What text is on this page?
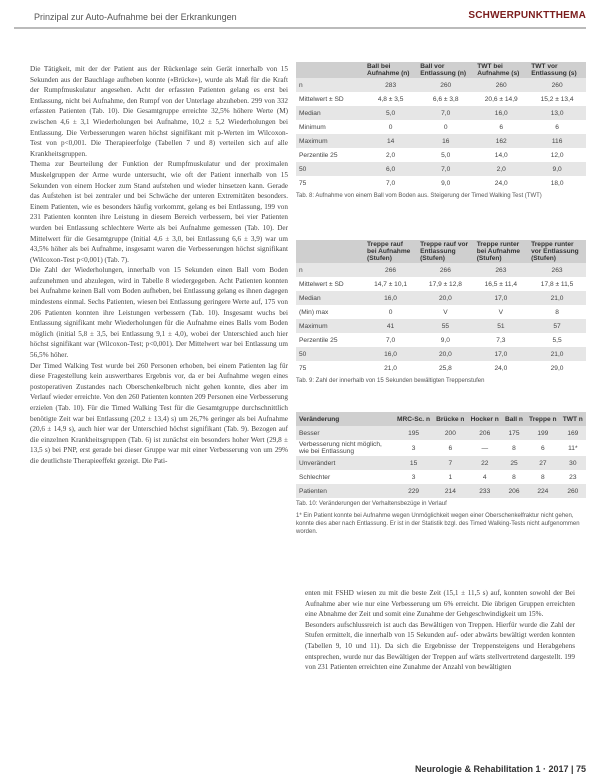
Prinzipal zur Auto-Aufnahme bei der Erkrankungen	SCHWERPUNKTTHEMA

Die Tätigkeit, mit der der Patient aus der Rückenlage sein Gerät innerhalb von 15 Sekunden aus der Bauchlage aufheben konnte («Brücke»), wurde als Maß für die Kraft der Rumpfmuskulatur angesehen. Acht der erfassten Patienten gelang es erst bei Entlassung, nicht bei Aufnahme, den Rumpf von der Unterlage abzuheben. 299 von 332 erfassten Patienten (Tab. 10). Die Gesamtgruppe erreichte 32,5% höhere Werte (M) zwischen 4,6 ± 3,1 Wiederholungen bei Aufnahme, 10,2 ± 5,2 Wiederholungen bei Entlassung. Die Verbesserungen waren höchst signifikant mit p-Werten im Wilcoxon-Test von p<0,001. Die Therapieerfolge (Tabellen 7 und 8) verteilen sich auf alle Krankheitsgruppen.

Thema zur Beurteilung der Funktion der Rumpfmuskulatur und der proximalen Muskelgruppen der Arme wurde untersucht, wie oft der Patient innerhalb von 15 Sekunden von einem Hocker zum Stand aufstehen und wieder hinsetzen kann. Gerade das Aufstehen ist bei zentraler und bei Schwäche der unteren Extremitäten besonders. Einem Patienten, wie es besonders häufig vorkommt, gelang es bei Entlassung, 199 von 231 Patienten konnten ihre Leistung in diesem Bereich verbessern, bei vier Patienten wurden bei Entlassung schlechtere Werte als bei Aufnahme gemessen (Tab. 10). Der Mittelwert für die Gesamtgruppe (Initial 4,6 ± 3,0, bei Entlassung 6,6 ± 3,9) war um 43,5% höher als bei Aufnahme, insgesamt waren die Verbesserungen höchst signifikant (Wilcoxon-Test p<0,001) (Tab. 7).

Die Zahl der Wiederholungen, innerhalb von 15 Sekunden einen Ball vom Boden aufzunehmen und abzulegen, wird in Tabelle 8 wiedergegeben. Acht Patienten konnten bei Aufnahme keinen Ball vom Boden aufheben, bei Entlassung gelang es ihnen dagegen mindestens einmal. Sechs Patienten, wiesen bei Entlassung geringere Werte auf, 175 von 206 Patienten konnten ihre Leistungen verbessern (Tab. 10). Insgesamt wuchs bei Entlassung signifikant mehr Wiederholungen für die Aufnahme eines Balls vom Boden möglich (initial 5,8 ± 3,5, bei Entlassung 9,1 ± 4,0), wobei der Unterschied auch hier höchst signifikant war (Wilcoxon-Test; p<0,001). Der Mittelwert war bei Entlassung um 56,5% höher.

Der Timed Walking Test wurde bei 260 Personen erhoben, bei einem Patienten lag für diese Fragestellung kein auswertbares Ergebnis vor, da er bei Aufnahme wegen eines postoperativen Zustandes nach Oberschenkelbruch nicht gehen konnte, dies aber im Verlauf wieder erreichte. Von den 260 Patienten konnten 209 Personen eine Verbesserung erzielen (Tab. 10). Für die Timed Walking Test für die Gesamtgruppe durchschnittlich benötigte Zeit war bei Entlassung (20,2 ± 13,4) s) um 26,7% geringer als bei Aufnahme (20,6 ± 14,9 s), auch hier war der Unterschied höchst signifikant (Tab. 9). Bezogen auf die einzelnen Krankheitsgruppen (Tab. 6) ist zunächst ein besonders hoher Wert (29,8 ± 13,5 s) bei PNP, erst gerade bei dieser Gruppe war mit einer Verbesserung von um 29% die deutlichste Therapieeffekt gezeigt. Die Pati-

	Ball bei Aufnahme (n)	Ball vor Entlassung (n)	TWT bei Aufnahme (s)	TWT vor Entlassung (s)
n	283	260	260	260
Mittelwert ± SD	4,8 ± 3,5	6,6 ± 3,8	20,6 ± 14,9	15,2 ± 13,4
Median	5,0	7,0	16,0	13,0
Minimum	0	0	6	6
Maximum	14	16	162	116
Perzentile 25	2,0	5,0	14,0	12,0
50	6,0	7,0	2,0	9,0
75	7,0	9,0	24,0	18,0
Tab. 8: Aufnahme von einem Ball vom Boden aus. Steigerung der Timed Walking Test (TWT)
	Treppe rauf bei Aufnahme (Stufen)	Treppe rauf vor Entlassung (Stufen)	Treppe runter bei Aufnahme (Stufen)	Treppe runter vor Entlassung (Stufen)
n	266	266	263	263
Mittelwert ± SD	14,7 ± 10,1	17,9 ± 12,8	16,5 ± 11,4	17,8 ± 11,5
Median	16,0	20,0	17,0	21,0
(Min) max	0	V	V	8
Maximum	41	55	51	57
Perzentile 25	7,0	9,0	7,3	5,5
50	16,0	20,0	17,0	21,0
75	21,0	25,8	24,0	29,0
Tab. 9: Zahl der innerhalb von 15 Sekunden bewältigten Treppenstufen
Veränderung	MRC-Sc. n	Brücke n	Hocker n	Ball n	Treppe n	TWT n
Besser	195	200	206	175	199	169
Verbesserung nicht möglich, wie bei Entlassung	3	6	—	8	6	11*
Unverändert	15	7	22	25	27	30
Schlechter	3	1	4	8	8	23
Patienten	229	214	233	206	224	260
Tab. 10: Veränderungen der Verhaltensbezüge in Verlauf
1* Ein Patient konnte bei Aufnahme wegen Unmöglichkeit wegen einer Oberschenkelfraktur nicht gehen, konnte dies aber nach Entlassung. Er ist in der Statistik bzgl. des Timed Walking-Tests nicht aufgenommen worden.

enten mit FSHD wiesen zu mit die beste Zeit (15,1 ± 11,5 s) auf, konnten sowohl der Bei Aufnahme aber wie nur eine Verbesserung um 6% erreicht. Die übrigen Gruppen erreichten eine Abnahme der Zeit und somit eine Zunahme der Gehgeschwindigkeit um 15%.

Besonders aufschlussreich ist auch das Bewältigen von Treppen. Hierfür wurde die Zahl der Stufen ermittelt, die innerhalb von 15 Sekunden auf- oder abwärts bewältigt werden konnten (Tabellen 9, 10 und 11). Da sich die Ergebnisse der Treppensteigens und Herabgehens entsprechen, wurde nur das Bewältigen der Treppen auf wärts stellvertretend dargestellt. 199 von 231 Patienten erreichten eine Zunahme der Anzahl von bewältigten

Neurologie & Rehabilitation 1 · 2017 | 75
